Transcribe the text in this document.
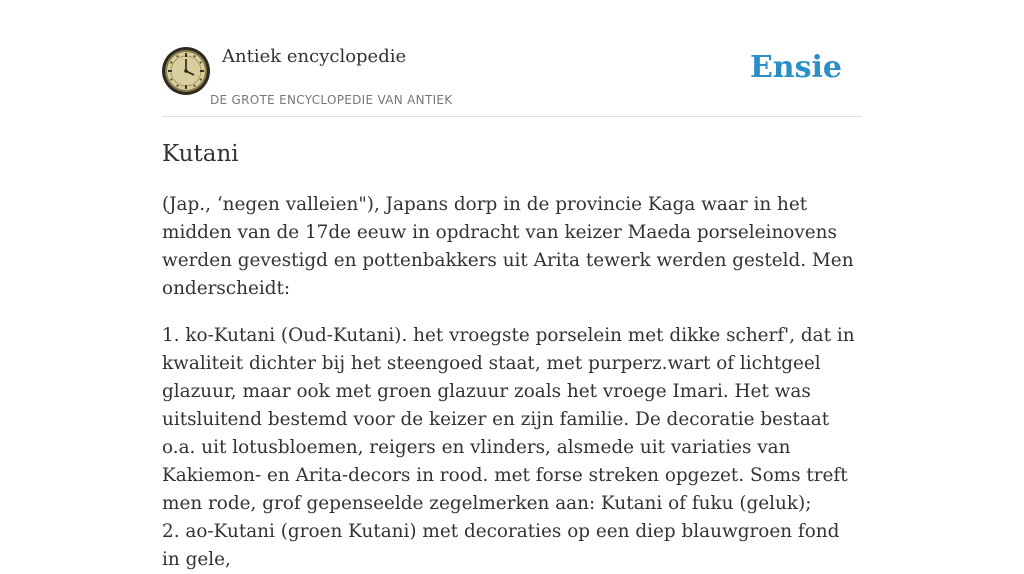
Antiek encyclopedie
DE GROTE ENCYCLOPEDIE VAN ANTIEK
Ensie
Kutani

(Jap., ‘negen valleien"), Japans dorp in de provincie Kaga waar in het midden van de 17de eeuw in opdracht van keizer Maeda porseleinovens werden gevestigd en pottenbakkers uit Arita tewerk werden gesteld. Men onderscheidt:

1. ko-Kutani (Oud-Kutani). het vroegste porselein met dikke scherf', dat in kwaliteit dichter bij het steengoed staat, met purperz.wart of lichtgeel glazuur, maar ook met groen glazuur zoals het vroege Imari. Het was uitsluitend bestemd voor de keizer en zijn familie. De decoratie bestaat o.a. uit lotusbloemen, reigers en vlinders, alsmede uit variaties van Kakiemon- en Arita-decors in rood. met forse streken opgezet. Soms treft men rode, grof gepenseelde zegelmerken aan: Kutani of fuku (geluk);

2. ao-Kutani (groen Kutani) met decoraties op een diep blauwgroen fond in gele,
